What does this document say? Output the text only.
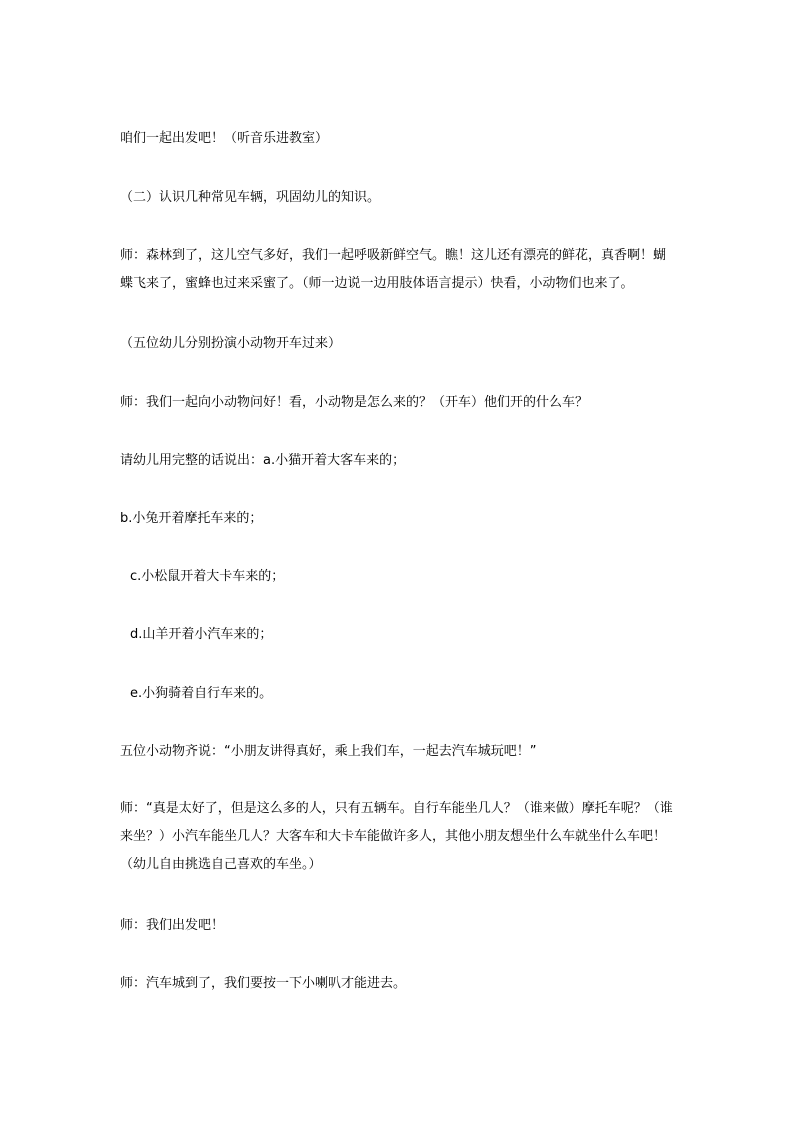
咱们一起出发吧！（听音乐进教室）
（二）认识几种常见车辆，巩固幼儿的知识。
师：森林到了，这儿空气多好，我们一起呼吸新鲜空气。瞧！这儿还有漂亮的鲜花，真香啊！蝴
蝶飞来了，蜜蜂也过来采蜜了。（师一边说一边用肢体语言提示）快看，小动物们也来了。
（五位幼儿分别扮演小动物开车过来）
师：我们一起向小动物问好！看，小动物是怎么来的？（开车）他们开的什么车？
请幼儿用完整的话说出：a.小猫开着大客车来的；
b.小兔开着摩托车来的；
c.小松鼠开着大卡车来的；
d.山羊开着小汽车来的；
e.小狗骑着自行车来的。
五位小动物齐说：“小朋友讲得真好，乘上我们车，一起去汽车城玩吧！”
师：“真是太好了，但是这么多的人，只有五辆车。自行车能坐几人？（谁来做）摩托车呢？（谁
来坐？）小汽车能坐几人？大客车和大卡车能做许多人，其他小朋友想坐什么车就坐什么车吧！
（幼儿自由挑选自己喜欢的车坐。）
师：我们出发吧！
师：汽车城到了，我们要按一下小喇叭才能进去。
